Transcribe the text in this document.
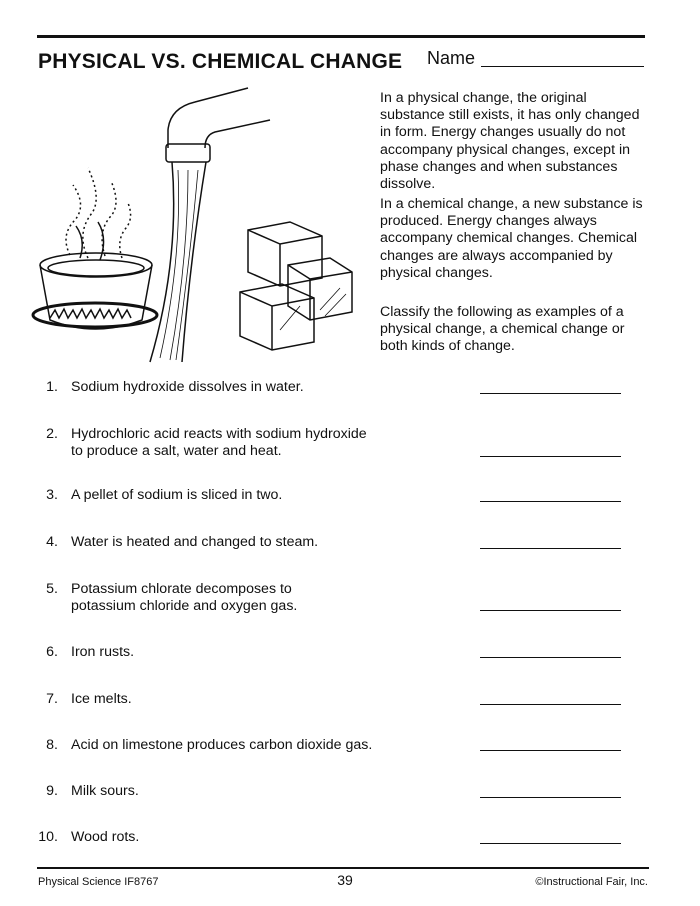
PHYSICAL VS. CHEMICAL CHANGE Name

In a physical change, the original substance still exists, it has only changed in form. Energy changes usually do not accompany physical changes, except in phase changes and when substances dissolve.

In a chemical change, a new substance is produced. Energy changes always accompany chemical changes. Chemical changes are always accompanied by physical changes.

Classify the following as examples of a physical change, a chemical change or both kinds of change.

1. Sodium hydroxide dissolves in water.
2. Hydrochloric acid reacts with sodium hydroxide
to produce a salt, water and heat.
3. A pellet of sodium is sliced in two.
4. Water is heated and changed to steam.
5. Potassium chlorate decomposes to
potassium chloride and oxygen gas.
6. Iron rusts.
7. Ice melts.
8. Acid on limestone produces carbon dioxide gas.
9. Milk sours.
10. Wood rots.
Physical Science IF8767	39	©Instructional Fair, Inc.
